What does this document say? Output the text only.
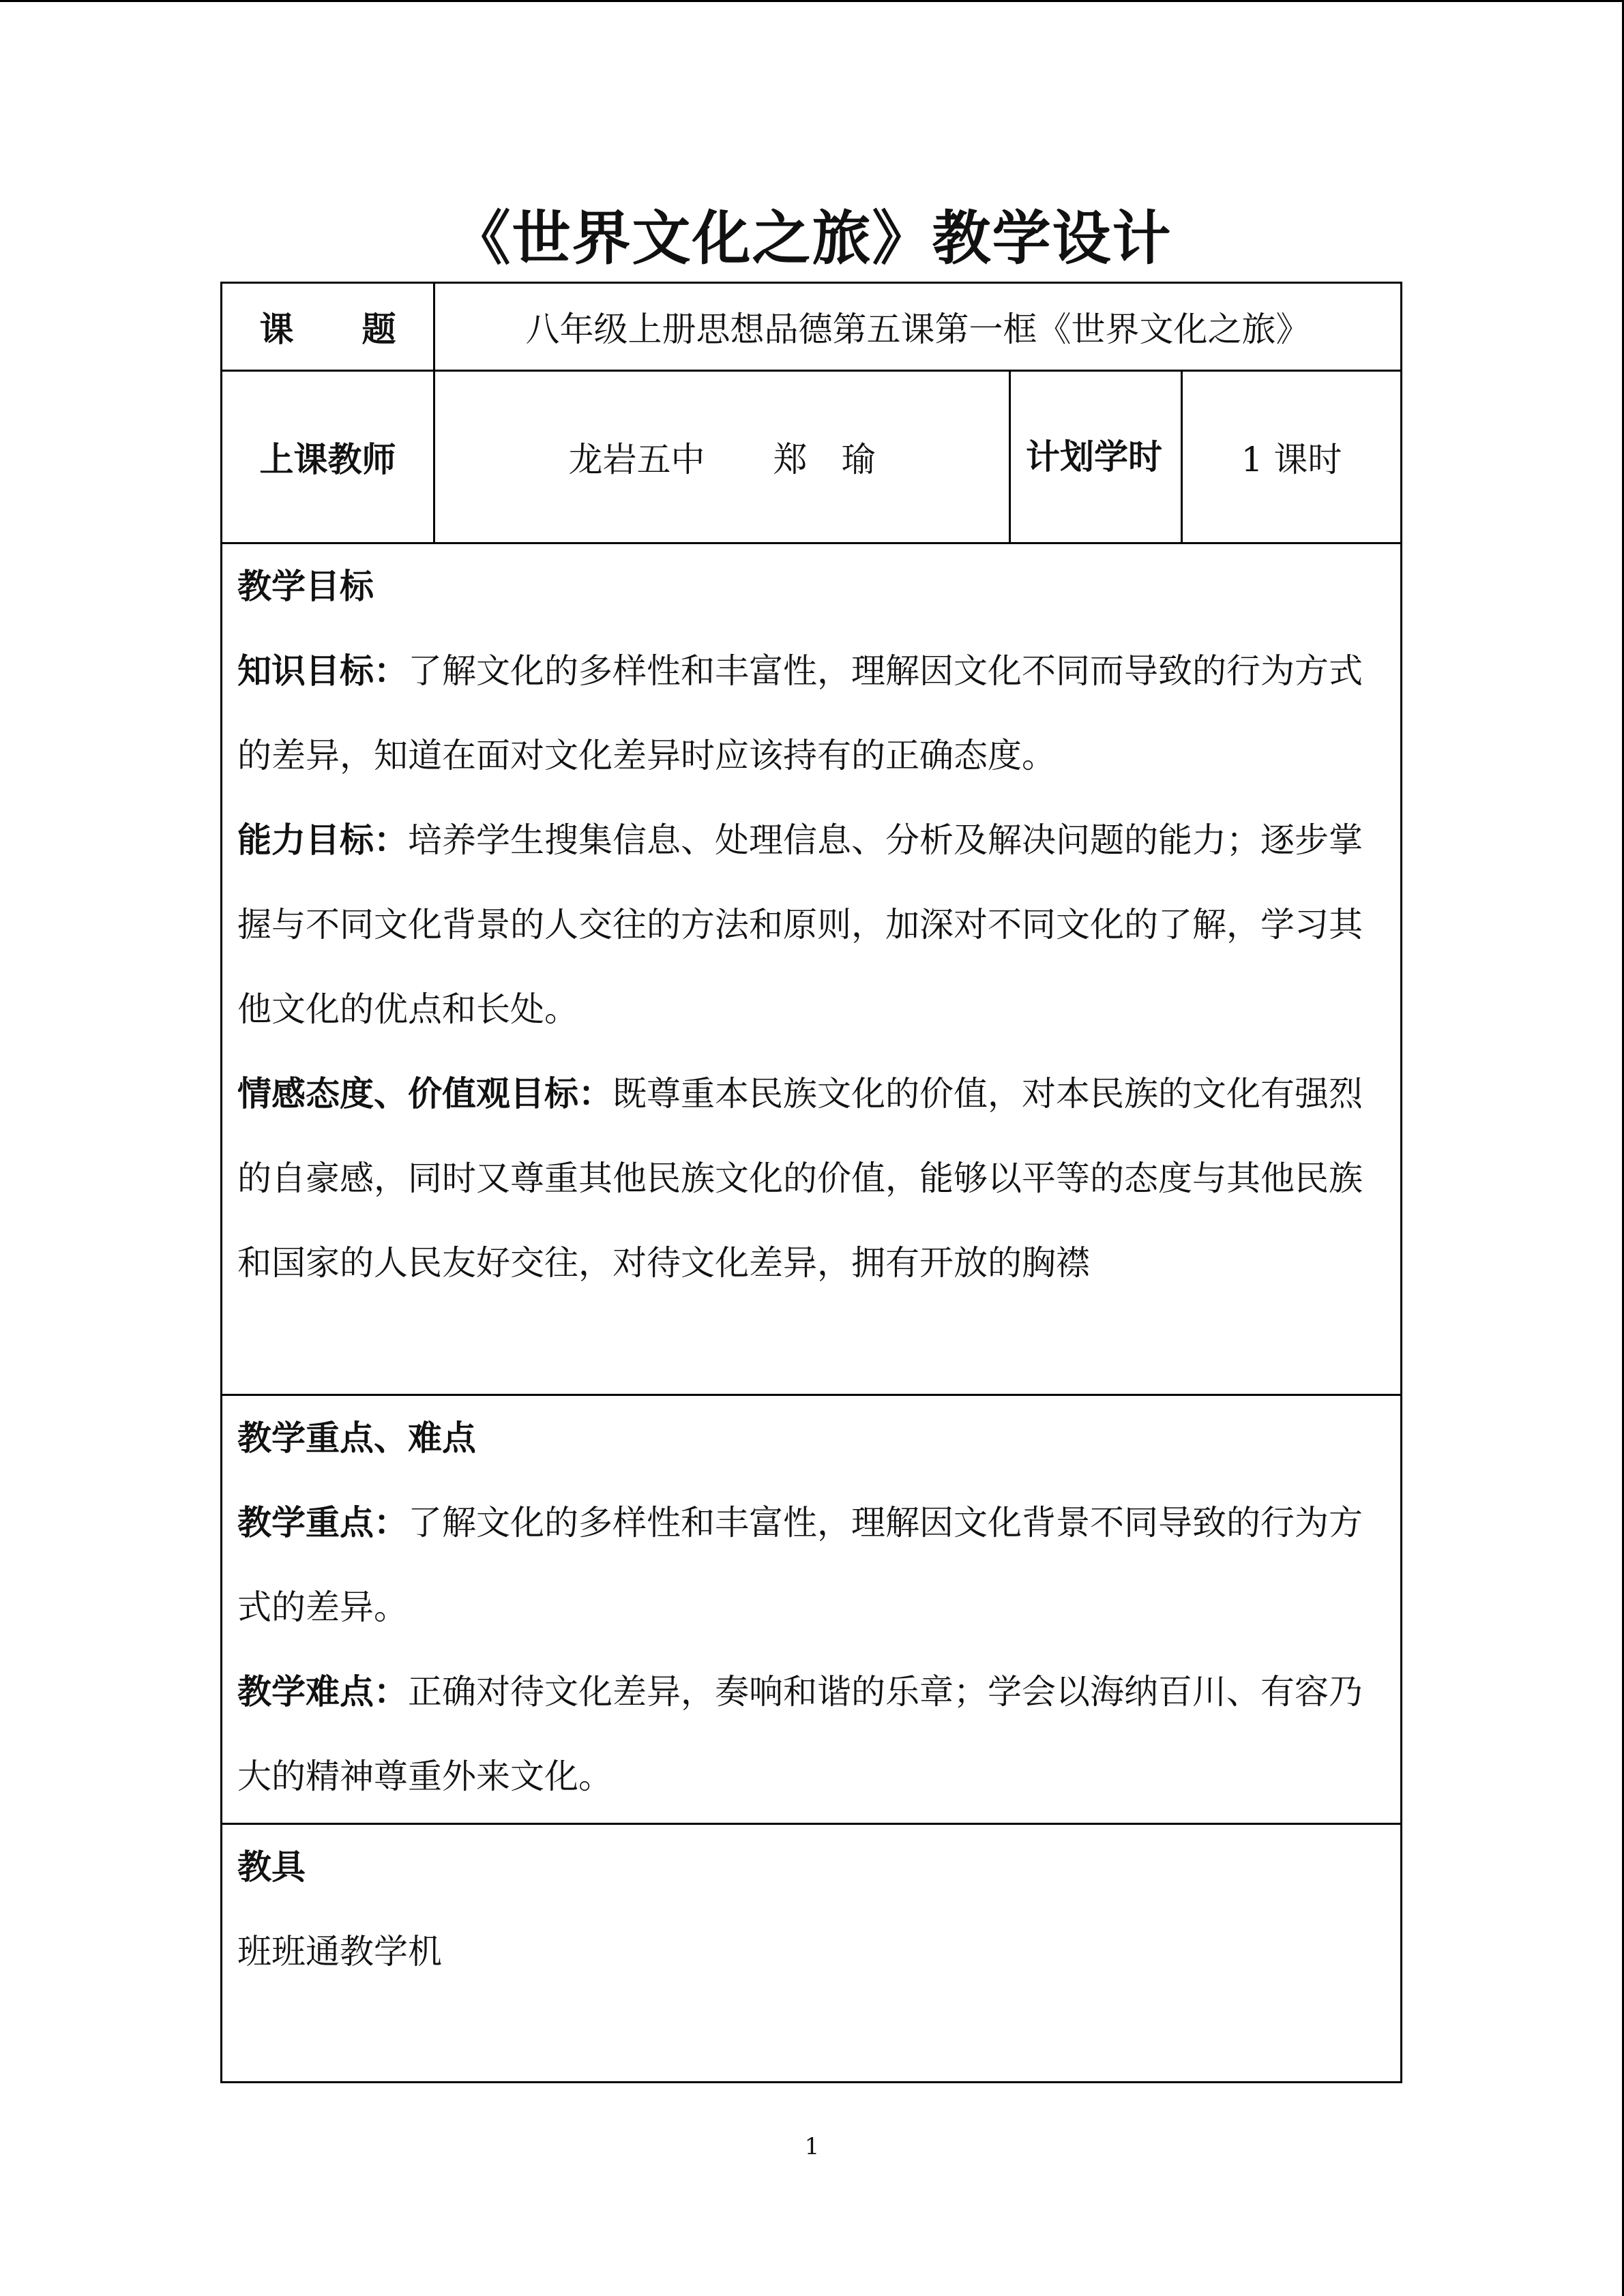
《世界文化之旅》教学设计
课　　题	八年级上册思想品德第五课第一框《世界文化之旅》		
上课教师	龙岩五中　　郑　瑜	计划学时	1 课时

教学目标

知识目标：了解文化的多样性和丰富性，理解因文化不同而导致的行为方式的差异，知道在面对文化差异时应该持有的正确态度。

能力目标：培养学生搜集信息、处理信息、分析及解决问题的能力；逐步掌握与不同文化背景的人交往的方法和原则，加深对不同文化的了解，学习其他文化的优点和长处。

情感态度、价值观目标：既尊重本民族文化的价值，对本民族的文化有强烈的自豪感，同时又尊重其他民族文化的价值，能够以平等的态度与其他民族和国家的人民友好交往，对待文化差异，拥有开放的胸襟			

教学重点、难点

教学重点：了解文化的多样性和丰富性，理解因文化背景不同导致的行为方式的差异。

教学难点：正确对待文化差异，奏响和谐的乐章；学会以海纳百川、有容乃大的精神尊重外来文化。			

教具

班班通教学机			

1
